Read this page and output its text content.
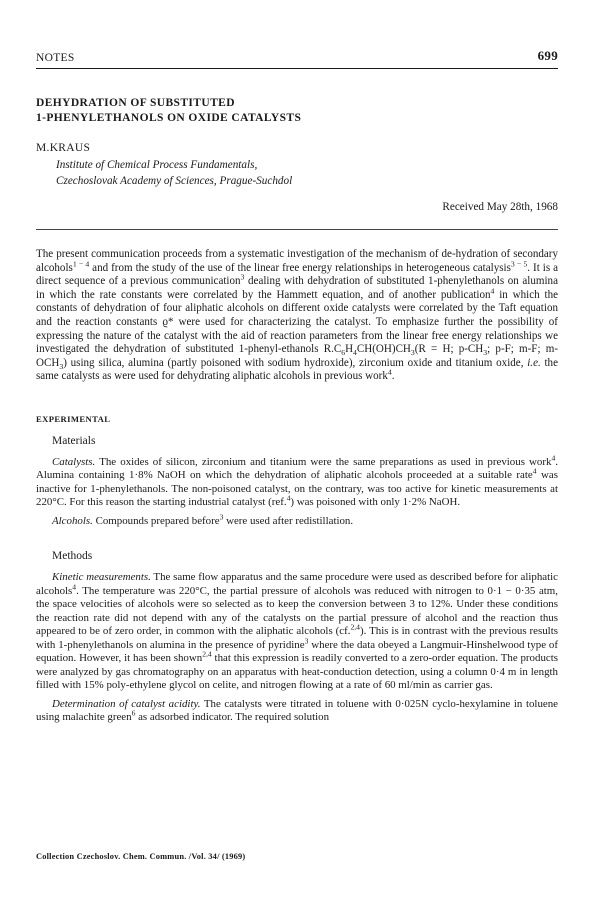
NOTES	699
DEHYDRATION OF SUBSTITUTED
1-PHENYLETHANOLS ON OXIDE CATALYSTS
M.KRAUS
Institute of Chemical Process Fundamentals,
Czechoslovak Academy of Sciences, Prague-Suchdol
Received May 28th, 1968

The present communication proceeds from a systematic investigation of the mechanism of de-hydration of secondary alcohols$^{1 - 4}$ and from the study of the use of the linear free energy relationships in heterogeneous catalysis$^{3 - 5}$. It is a direct sequence of a previous communication$^3$ dealing with dehydration of substituted 1-phenylethanols on alumina in which the rate constants were correlated by the Hammett equation, and of another publication$^4$ in which the constants of dehydration of four aliphatic alcohols on different oxide catalysts were correlated by the Taft equation and the reaction constants ϱ* were used for characterizing the catalyst. To emphasize further the possibility of expressing the nature of the catalyst with the aid of reaction parameters from the linear free energy relationships we investigated the dehydration of substituted 1-phenyl-ethanols $R.C_6H_4CH(OH)CH_3(R = H$; $p-CH_3$; p-F; m-F; $m-OCH_3$) using silica, alumina (partly poisoned with sodium hydroxide), zirconium oxide and titanium oxide, i.e. the same catalysts as were used for dehydrating aliphatic alcohols in previous work$^4$.

EXPERIMENTAL
Materials

Catalysts. The oxides of silicon, zirconium and titanium were the same preparations as used in previous work$^4$. Alumina containing 1·8% NaOH on which the dehydration of aliphatic alcohols proceeded at a suitable rate$^4$ was inactive for 1-phenylethanols. The non-poisoned catalyst, on the contrary, was too active for kinetic measurements at 220°C. For this reason the starting industrial catalyst (ref.$^4$) was poisoned with only 1·2% NaOH.

Alcohols. Compounds prepared before$^3$ were used after redistillation.

Methods

Kinetic measurements. The same flow apparatus and the same procedure were used as described before for aliphatic alcohols$^4$. The temperature was 220°C, the partial pressure of alcohols was reduced with nitrogen to 0·1 − 0·35 atm, the space velocities of alcohols were so selected as to keep the conversion between 3 to 12%. Under these conditions the reaction rate did not depend with any of the catalysts on the partial pressure of alcohol and the reaction thus appeared to be of zero order, in common with the aliphatic alcohols (cf.$^{2,4}$). This is in contrast with the previous results with 1-phenylethanols on alumina in the presence of pyridine$^3$ where the data obeyed a Langmuir-Hinshelwood type of equation. However, it has been shown$^{2,4}$ that this expression is readily converted to a zero-order equation. The products were analyzed by gas chromatography on an apparatus with heat-conduction detection, using a column 0·4 m in length filled with 15% poly-ethylene glycol on celite, and nitrogen flowing at a rate of 60 ml/min as carrier gas.

Determination of catalyst acidity. The catalysts were titrated in toluene with 0·025N cyclo-hexylamine in toluene using malachite green$^6$ as adsorbed indicator. The required solution

Collection Czechoslov. Chem. Commun. /Vol. 34/ (1969)
